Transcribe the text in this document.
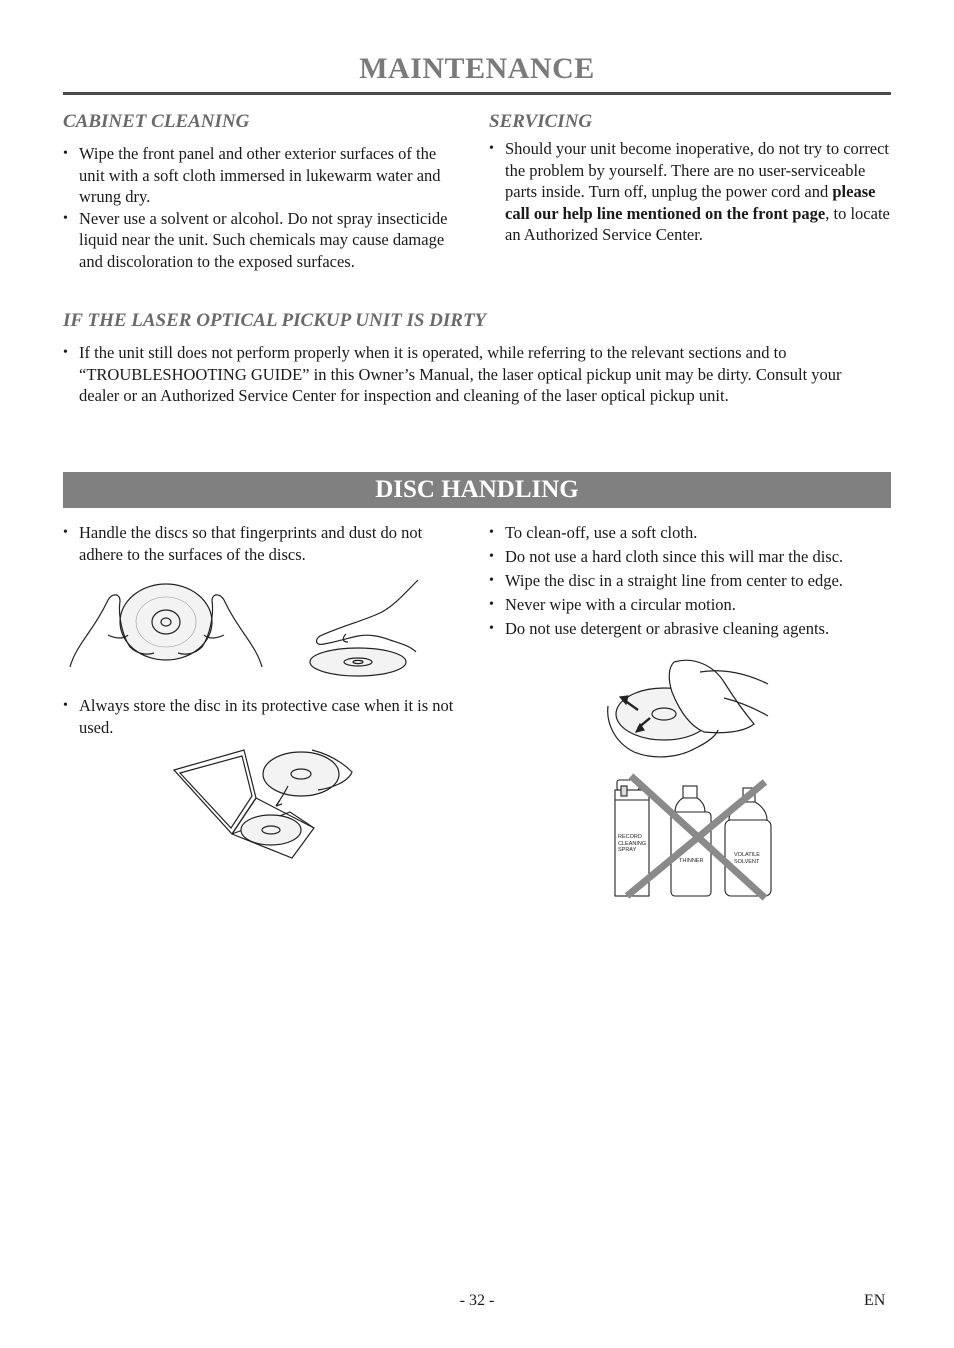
MAINTENANCE
CABINET CLEANING
• Wipe the front panel and other exterior surfaces of the unit with a soft cloth immersed in lukewarm water and wrung dry.
• Never use a solvent or alcohol. Do not spray insecticide liquid near the unit. Such chemicals may cause damage and discoloration to the exposed surfaces.
SERVICING
• Should your unit become inoperative, do not try to correct the problem by yourself. There are no user-serviceable parts inside. Turn off, unplug the power cord and please call our help line mentioned on the front page, to locate an Authorized Service Center.
IF THE LASER OPTICAL PICKUP UNIT IS DIRTY
• If the unit still does not perform properly when it is operated, while referring to the relevant sections and to “TROUBLESHOOTING GUIDE” in this Owner’s Manual, the laser optical pickup unit may be dirty. Consult your dealer or an Authorized Service Center for inspection and cleaning of the laser optical pickup unit.
DISC HANDLING
• Handle the discs so that fingerprints and dust do not adhere to the surfaces of the discs.
• Always store the disc in its protective case when it is not used.
• To clean-off, use a soft cloth.
• Do not use a hard cloth since this will mar the disc.
• Wipe the disc in a straight line from center to edge.
• Never wipe with a circular motion.
• Do not use detergent or abrasive cleaning agents.
RECORD
CLEANING
SPRAY
THINNER
VOLATILE
SOLVENT
- 32 -	EN
